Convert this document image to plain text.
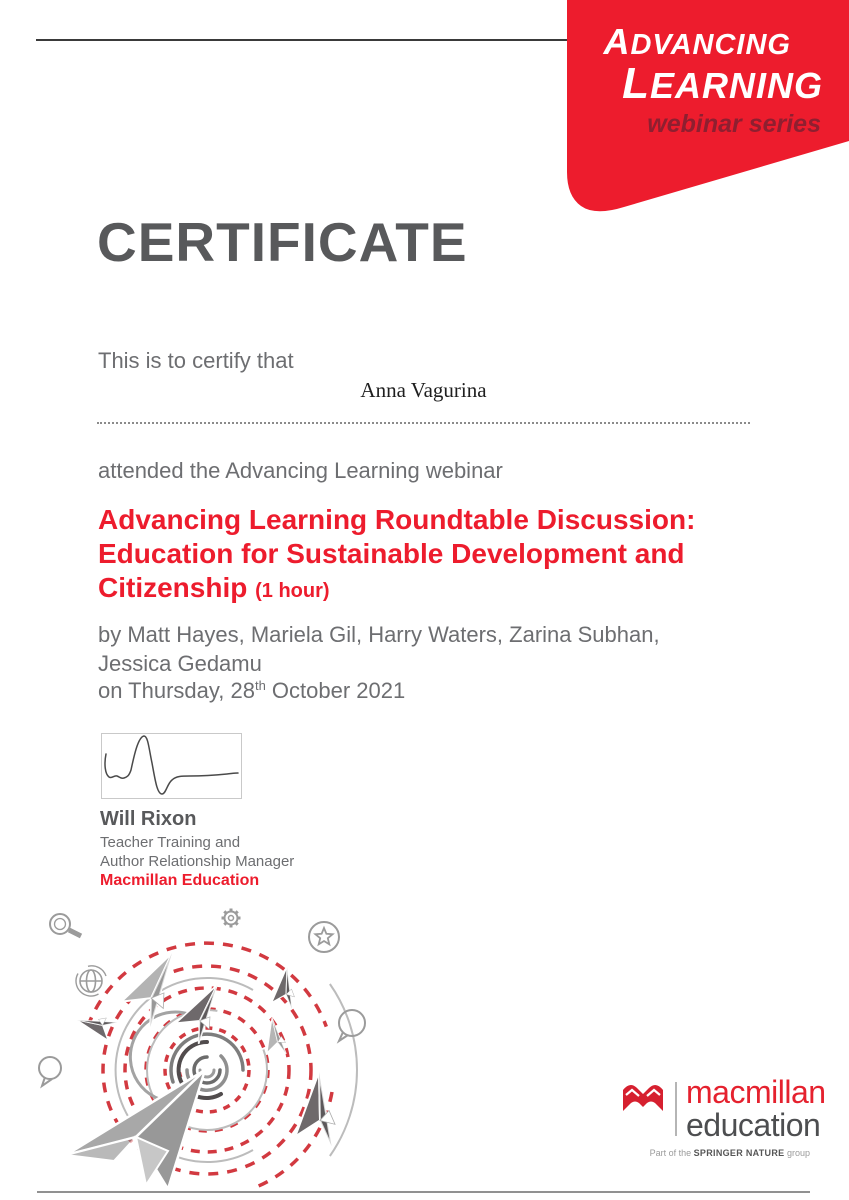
ADVANCING
LEARNING
webinar series
CERTIFICATE
This is to certify that
Anna Vagurina
attended the Advancing Learning webinar
Advancing Learning Roundtable Discussion:
Education for Sustainable Development and
Citizenship (1 hour)
by Matt Hayes, Mariela Gil, Harry Waters, Zarina Subhan,
Jessica Gedamu
on Thursday, 28th October 2021
Will Rixon
Teacher Training and
Author Relationship Manager
Macmillan Education
macmillan
education
Part of the SPRINGER NATURE group
